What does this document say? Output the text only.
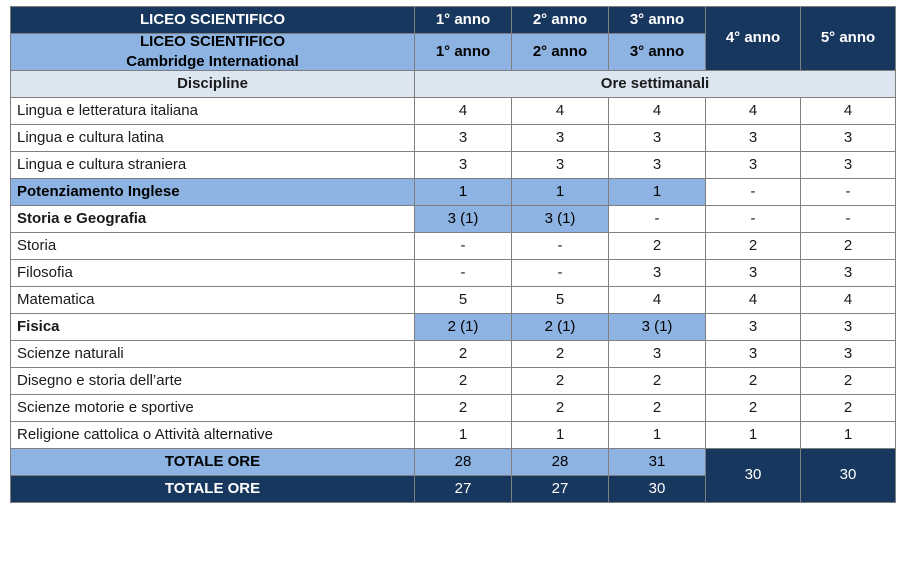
LICEO SCIENTIFICO	1° anno	2° anno	3° anno	4° anno	5° anno

LICEO SCIENTIFICO
Cambridge International	1° anno	2° anno	3° anno		
Discipline	Ore settimanali				
Lingua e letteratura italiana	4	4	4	4	4
Lingua e cultura latina	3	3	3	3	3
Lingua e cultura straniera	3	3	3	3	3
Potenziamento Inglese	1	1	1	-	-
Storia e Geografia	3 (1)	3 (1)	-	-	-
Storia	-	-	2	2	2
Filosofia	-	-	3	3	3
Matematica	5	5	4	4	4
Fisica	2 (1)	2 (1)	3 (1)	3	3
Scienze naturali	2	2	3	3	3
Disegno e storia dell’arte	2	2	2	2	2
Scienze motorie e sportive	2	2	2	2	2
Religione cattolica o Attività alternative	1	1	1	1	1
TOTALE ORE	28	28	31	30	30
TOTALE ORE	27	27	30		
